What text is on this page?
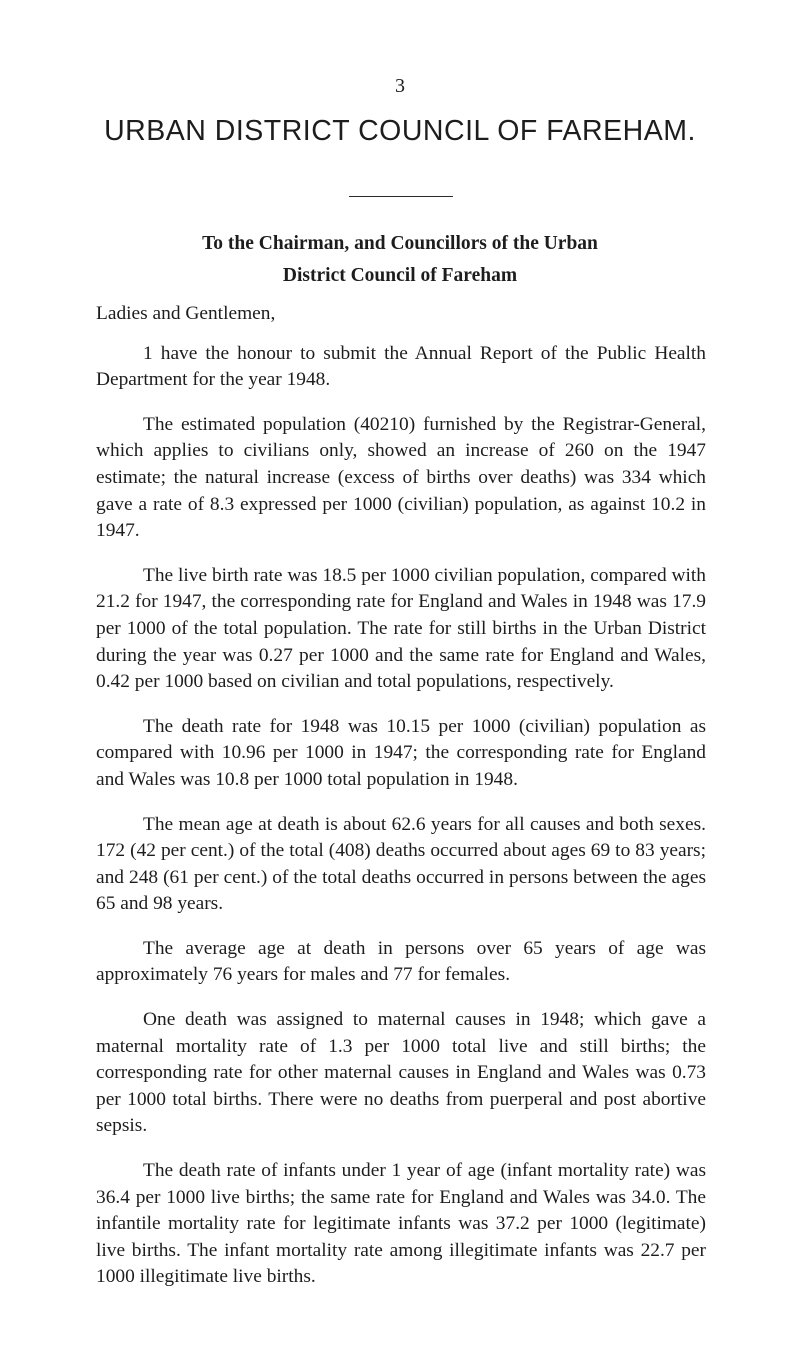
3
URBAN DISTRICT COUNCIL OF FAREHAM.
To the Chairman, and Councillors of the Urban
District Council of Fareham

Ladies and Gentlemen,

1 have the honour to submit the Annual Report of the Public Health Department for the year 1948.

The estimated population (40210) furnished by the Registrar-General, which applies to civilians only, showed an increase of 260 on the 1947 estimate; the natural increase (excess of births over deaths) was 334 which gave a rate of 8.3 expressed per 1000 (civilian) population, as against 10.2 in 1947.

The live birth rate was 18.5 per 1000 civilian population, compared with 21.2 for 1947, the corresponding rate for England and Wales in 1948 was 17.9 per 1000 of the total population. The rate for still births in the Urban District during the year was 0.27 per 1000 and the same rate for England and Wales, 0.42 per 1000 based on civilian and total populations, respectively.

The death rate for 1948 was 10.15 per 1000 (civilian) population as compared with 10.96 per 1000 in 1947; the corresponding rate for England and Wales was 10.8 per 1000 total population in 1948.

The mean age at death is about 62.6 years for all causes and both sexes. 172 (42 per cent.) of the total (408) deaths occurred about ages 69 to 83 years; and 248 (61 per cent.) of the total deaths occurred in persons between the ages 65 and 98 years.

The average age at death in persons over 65 years of age was approximately 76 years for males and 77 for females.

One death was assigned to maternal causes in 1948; which gave a maternal mortality rate of 1.3 per 1000 total live and still births; the corresponding rate for other maternal causes in England and Wales was 0.73 per 1000 total births. There were no deaths from puerperal and post abortive sepsis.

The death rate of infants under 1 year of age (infant mortality rate) was 36.4 per 1000 live births; the same rate for England and Wales was 34.0. The infantile mortality rate for legitimate infants was 37.2 per 1000 (legitimate) live births. The infant mortality rate among illegitimate infants was 22.7 per 1000 illegitimate live births.
